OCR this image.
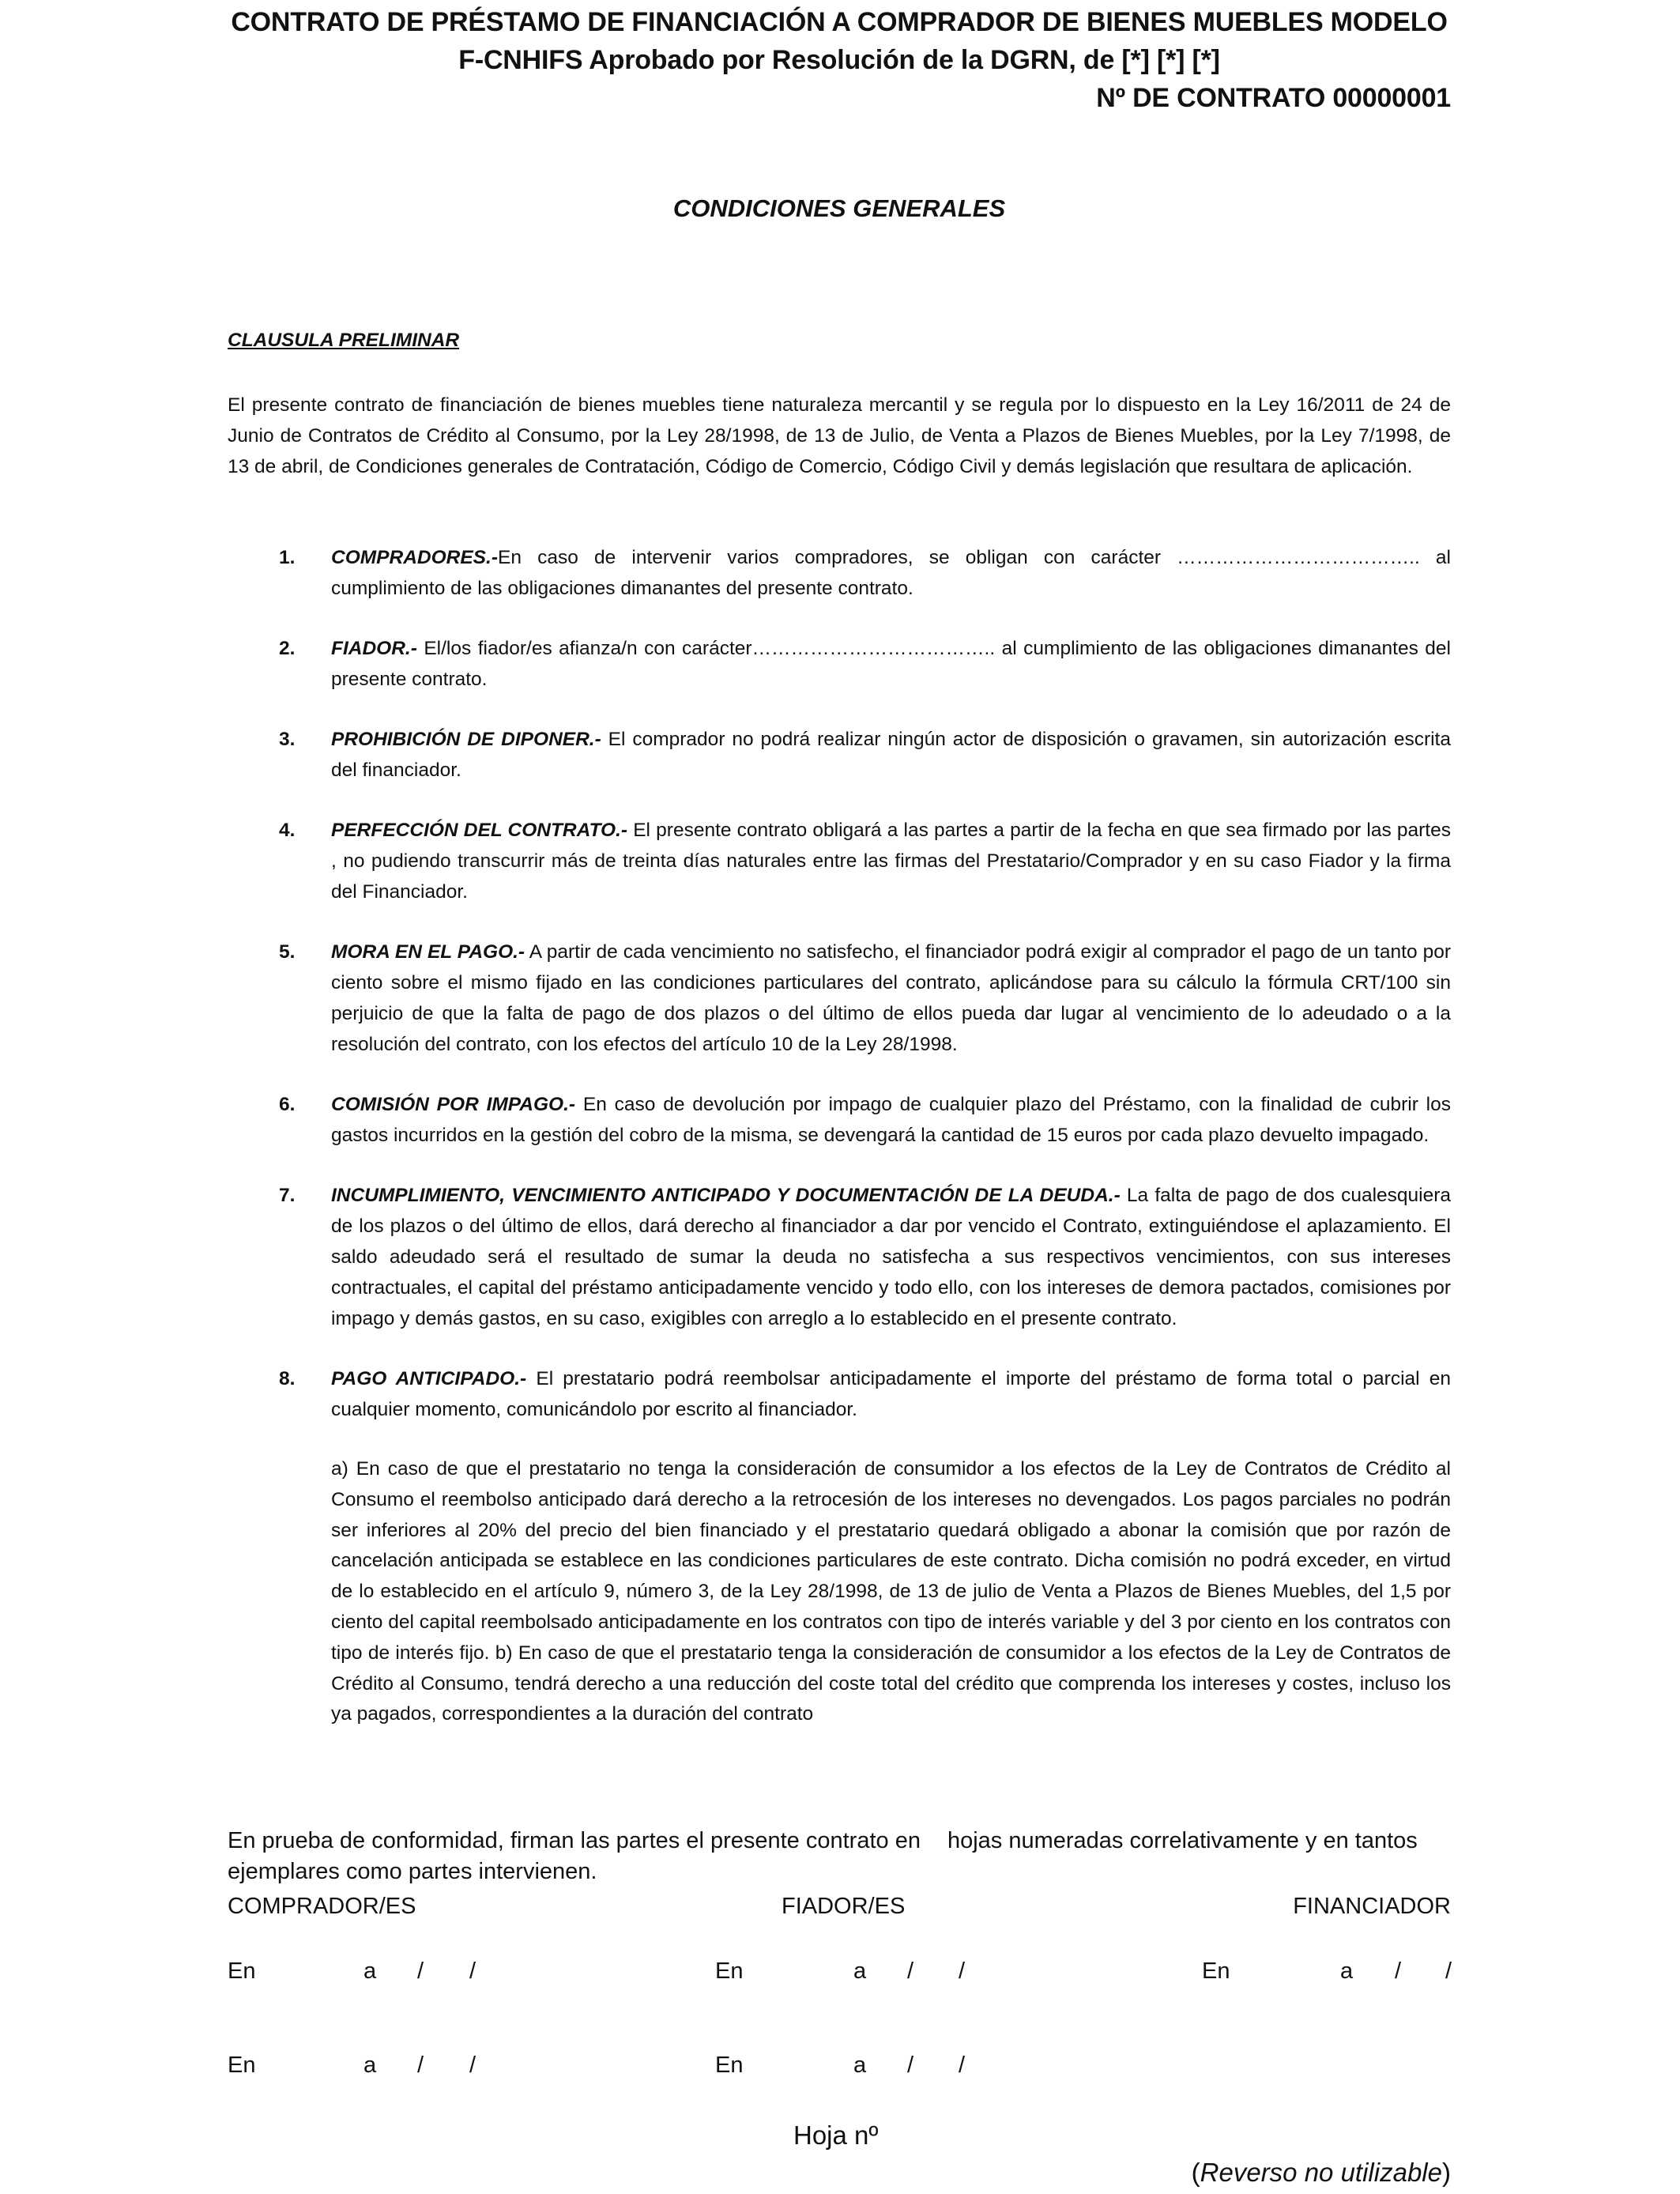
CONTRATO DE PRÉSTAMO DE FINANCIACIÓN A COMPRADOR DE BIENES MUEBLES MODELO
F-CNHIFS Aprobado por Resolución de la DGRN, de [*] [*] [*]
Nº DE CONTRATO 00000001
CONDICIONES GENERALES
CLAUSULA PRELIMINAR
El presente contrato de financiación de bienes muebles tiene naturaleza mercantil y se regula por lo dispuesto en la Ley 16/2011 de 24 de Junio de Contratos de Crédito al Consumo, por la Ley 28/1998, de 13 de Julio, de Venta a Plazos de Bienes Muebles, por la Ley 7/1998, de 13 de abril, de Condiciones generales de Contratación, Código de Comercio, Código Civil y demás legislación que resultara de aplicación.
1. COMPRADORES.-En caso de intervenir varios compradores, se obligan con carácter ……………………………….. al cumplimiento de las obligaciones dimanantes del presente contrato.
2. FIADOR.- El/los fiador/es afianza/n con carácter……………………………….. al cumplimiento de las obligaciones dimanantes del presente contrato.
3. PROHIBICIÓN DE DIPONER.- El comprador no podrá realizar ningún actor de disposición o gravamen, sin autorización escrita del financiador.
4. PERFECCIÓN DEL CONTRATO.- El presente contrato obligará a las partes a partir de la fecha en que sea firmado por las partes , no pudiendo transcurrir más de treinta días naturales entre las firmas del Prestatario/Comprador y en su caso Fiador y la firma del Financiador.
5. MORA EN EL PAGO.- A partir de cada vencimiento no satisfecho, el financiador podrá exigir al comprador el pago de un tanto por ciento sobre el mismo fijado en las condiciones particulares del contrato, aplicándose para su cálculo la fórmula CRT/100 sin perjuicio de que la falta de pago de dos plazos o del último de ellos pueda dar lugar al vencimiento de lo adeudado o a la resolución del contrato, con los efectos del artículo 10 de la Ley 28/1998.
6. COMISIÓN POR IMPAGO.- En caso de devolución por impago de cualquier plazo del Préstamo, con la finalidad de cubrir los gastos incurridos en la gestión del cobro de la misma, se devengará la cantidad de 15 euros por cada plazo devuelto impagado.
7. INCUMPLIMIENTO, VENCIMIENTO ANTICIPADO Y DOCUMENTACIÓN DE LA DEUDA.- La falta de pago de dos cualesquiera de los plazos o del último de ellos, dará derecho al financiador a dar por vencido el Contrato, extinguiéndose el aplazamiento. El saldo adeudado será el resultado de sumar la deuda no satisfecha a sus respectivos vencimientos, con sus intereses contractuales, el capital del préstamo anticipadamente vencido y todo ello, con los intereses de demora pactados, comisiones por impago y demás gastos, en su caso, exigibles con arreglo a lo establecido en el presente contrato.
8. PAGO ANTICIPADO.- El prestatario podrá reembolsar anticipadamente el importe del préstamo de forma total o parcial en cualquier momento, comunicándolo por escrito al financiador.
a) En caso de que el prestatario no tenga la consideración de consumidor a los efectos de la Ley de Contratos de Crédito al Consumo el reembolso anticipado dará derecho a la retrocesión de los intereses no devengados. Los pagos parciales no podrán ser inferiores al 20% del precio del bien financiado y el prestatario quedará obligado a abonar la comisión que por razón de cancelación anticipada se establece en las condiciones particulares de este contrato. Dicha comisión no podrá exceder, en virtud de lo establecido en el artículo 9, número 3, de la Ley 28/1998, de 13 de julio de Venta a Plazos de Bienes Muebles, del 1,5 por ciento del capital reembolsado anticipadamente en los contratos con tipo de interés variable y del 3 por ciento en los contratos con tipo de interés fijo. b) En caso de que el prestatario tenga la consideración de consumidor a los efectos de la Ley de Contratos de Crédito al Consumo, tendrá derecho a una reducción del coste total del crédito que comprenda los intereses y costes, incluso los ya pagados, correspondientes a la duración del contrato
En prueba de conformidad, firman las partes el presente contrato en hojas numeradas correlativamente y en tantos ejemplares como partes intervienen.
COMPRADOR/ES	FIADOR/ES	FINANCIADOR
En	a / /	En	a / /	En	a / /
En	a / /	En	a / /
Hoja nº
(Reverso no utilizable)
